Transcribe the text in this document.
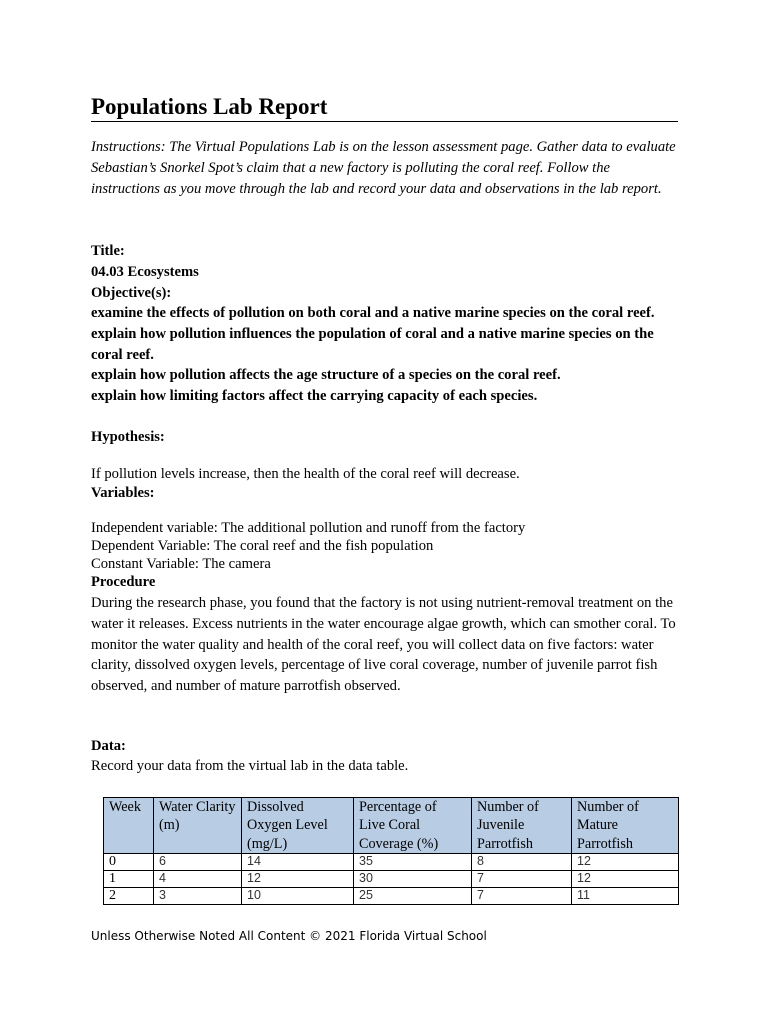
Populations Lab Report
Instructions: The Virtual Populations Lab is on the lesson assessment page. Gather data to evaluate Sebastian’s Snorkel Spot’s claim that a new factory is polluting the coral reef. Follow the instructions as you move through the lab and record your data and observations in the lab report.
Title:
04.03 Ecosystems
Objective(s):
examine the effects of pollution on both coral and a native marine species on the coral reef.
explain how pollution influences the population of coral and a native marine species on the coral reef.
explain how pollution affects the age structure of a species on the coral reef.
explain how limiting factors affect the carrying capacity of each species.
Hypothesis:
If pollution levels increase, then the health of the coral reef will decrease.
Variables:
Independent variable: The additional pollution and runoff from the factory
Dependent Variable: The coral reef and the fish population
Constant Variable: The camera
Procedure
During the research phase, you found that the factory is not using nutrient-removal treatment on the water it releases. Excess nutrients in the water encourage algae growth, which can smother coral. To monitor the water quality and health of the coral reef, you will collect data on five factors: water clarity, dissolved oxygen levels, percentage of live coral coverage, number of juvenile parrot fish observed, and number of mature parrotfish observed.
Data:
Record your data from the virtual lab in the data table.
Week	Water Clarity (m)	Dissolved Oxygen Level (mg/L)	Percentage of Live Coral Coverage (%)	Number of Juvenile Parrotfish	Number of Mature Parrotfish
0	6	14	35	8	12
1	4	12	30	7	12
2	3	10	25	7	11
Unless Otherwise Noted All Content © 2021 Florida Virtual School
